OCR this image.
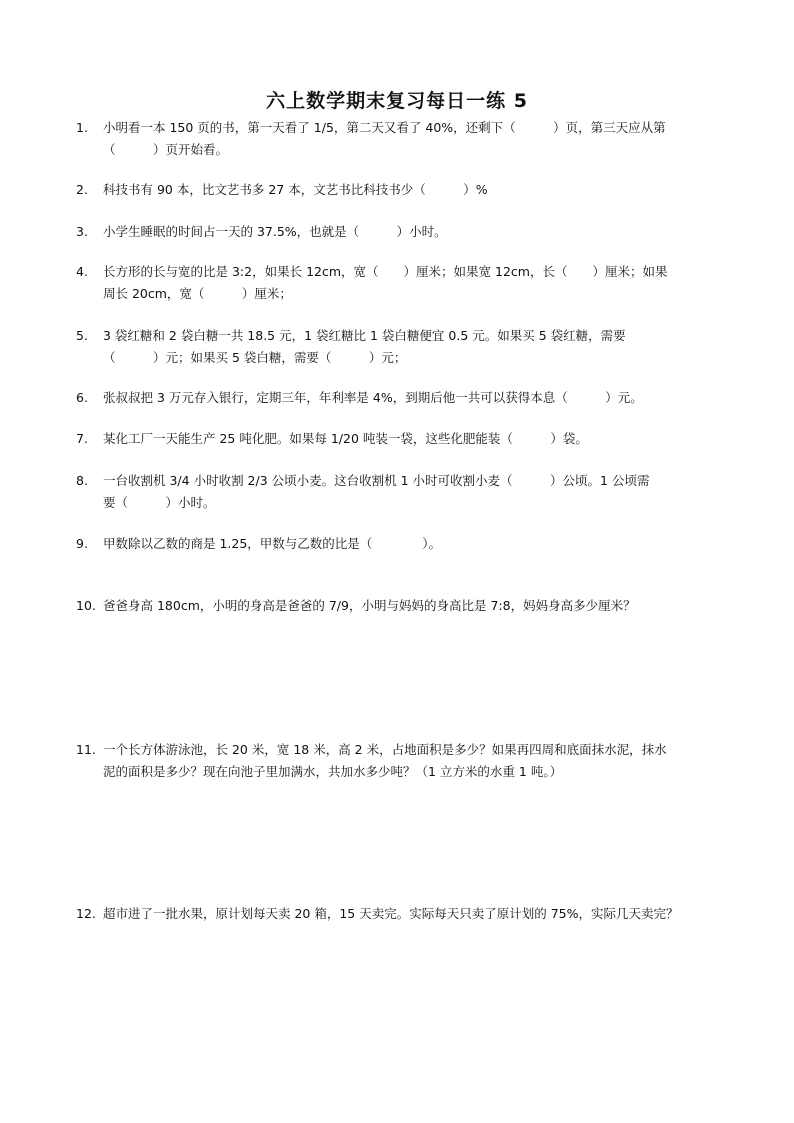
六上数学期末复习每日一练 5
1.	小明看一本 150 页的书，第一天看了 1/5，第二天又看了 40%，还剩下（　　　）页，第三天应从第
（　　　）页开始看。
2.	科技书有 90 本，比文艺书多 27 本，文艺书比科技书少（　　　）%
3.	小学生睡眠的时间占一天的 37.5%，也就是（　　　）小时。
4.	长方形的长与宽的比是 3:2，如果长 12cm，宽（　　）厘米；如果宽 12cm，长（　　）厘米；如果
周长 20cm，宽（　　　）厘米；
5.	3 袋红糖和 2 袋白糖一共 18.5 元，1 袋红糖比 1 袋白糖便宜 0.5 元。如果买 5 袋红糖，需要
（　　　）元；如果买 5 袋白糖，需要（　　　）元；
6.	张叔叔把 3 万元存入银行，定期三年，年利率是 4%，到期后他一共可以获得本息（　　　）元。
7.	某化工厂一天能生产 25 吨化肥。如果每 1/20 吨装一袋，这些化肥能装（　　　）袋。
8.	一台收割机 3/4 小时收割 2/3 公顷小麦。这台收割机 1 小时可收割小麦（　　　）公顷。1 公顷需
要（　　　）小时。
9.	甲数除以乙数的商是 1.25，甲数与乙数的比是（　　　　）。
10. 爸爸身高 180cm，小明的身高是爸爸的 7/9，小明与妈妈的身高比是 7:8，妈妈身高多少厘米？
11. 一个长方体游泳池，长 20 米，宽 18 米，高 2 米，占地面积是多少？如果再四周和底面抹水泥，抹水
泥的面积是多少？现在向池子里加满水，共加水多少吨？（1 立方米的水重 1 吨。）
12. 超市进了一批水果，原计划每天卖 20 箱，15 天卖完。实际每天只卖了原计划的 75%，实际几天卖完？
